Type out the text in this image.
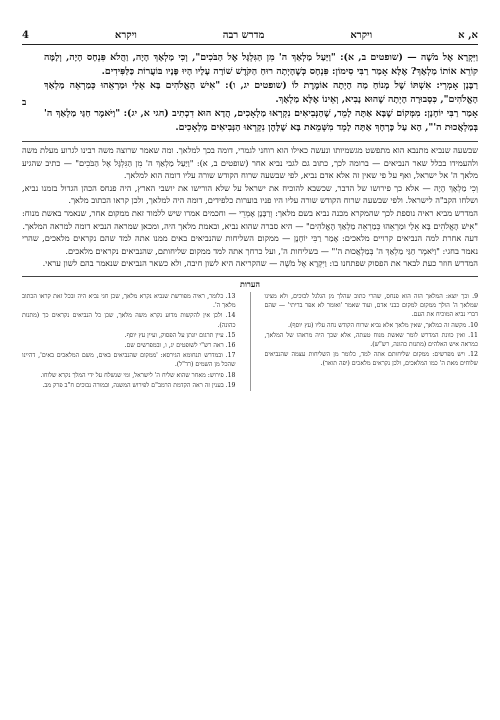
4	ויקרא	מדרש רבה	ויקרא	א, א

וַיִּקְרָא אֶל מֹשֶׁה — (שופטים ב, א): "וַיַּעַל מַלְאַךְ ה' מִן הַגִּלְגָּל אֶל הַבֹּכִים", וְכִי מַלְאָךְ הָיָה, וַהֲלֹא פִּנְחָס הָיָה, וְלָמָּה קוֹרֵא אוֹתוֹ מַלְאָךְ? אֶלָּא אָמַר רַבִּי סִימוֹן: פִּנְחָס כְּשֶׁהָיְתָה רוּחַ הַקֹּדֶשׁ שׁוֹרָה עָלָיו הָיוּ פָּנָיו בּוֹעֲרוֹת כַּלַּפִּידִים.

ב

רַבָּנָן אָמְרֵי: אִשְׁתּוֹ שֶׁל מָנוֹחַ מַה הָיְתָה אוֹמֶרֶת לוֹ (שופטים יג, ו): "אִישׁ הָאֱלֹהִים בָּא אֵלַי וּמַרְאֵהוּ כְּמַרְאֵה מַלְאַךְ הָאֱלֹהִים", כִּסְבוּרָה הָיְתָה שֶׁהוּא נָבִיא, וְאֵינוֹ אֶלָּא מַלְאָךְ.

אָמַר רַבִּי יוֹחָנָן: מִמְּקוֹם שֶׁבָּא אַתָּה לָמֵד, שֶׁהַנְּבִיאִים נִקְרְאוּ מַלְאָכִים, הֲדָא הוּא דִכְתִיב (חגי א, יג): "וַיֹּאמֶר חַגַּי מַלְאַךְ ה' בְּמַלְאֲכוּת ה'", הָא עַל כָּרְחָךְ אַתָּה לָמֵד מִשְּׁמֵאת בָּא שֶׁלָּהֶן נִקְרְאוּ הַנְּבִיאִים מַלְאָכִים.

שבשעה שנביא מתנבא הוא מתפשט מגשמיותו ונעשה כאילו הוא רוחני לגמרי, דומה בכך למלאך. ומה שאמר שרוצה משה רבינו לגרוע מעלת משה ולהעמידו בכלל שאר הנביאים — ברומה לכך, כתוב גם לגבי נביא אחר (שופטים ב, א): "וַיַּעַל מַלְאַךְ ה' מִן הַגִּלְגָּל אֶל הַבֹּכִים" — כתיב שהגיע מלאך ה' אל ישראל, ואף על פי שאין זה אלא אדם נביא, לפי שבשעה שרוח הקודש שורה עליו דומה הוא למלאך.

וְכִי מַלְאָךְ הָיָה — אלא כך פירושו של הדבר, שכשבא להוכיח את ישראל על שלא הורישו את יושבי הארץ, היה פנחס הכהן הגדול בזמנו נביא, ושלחו הקב"ה לישראל. ולפי שבשעה שרוח הקודש שורה עליו היו פניו בוערות כלפידים, דומה היה למלאך, ולכן קראו הכתוב מלאך.

המדרש מביא ראיה נוספת לכך שהמקרא מכנה נביא בשם מלאך: וְרַבָּנָן אָמְרֵי — וחכמים אמרו שיש ללמוד זאת ממקום אחר, שנאמר באשת מנוח: "אִישׁ הָאֱלֹהִים בָּא אֵלַי וּמַרְאֵהוּ כְּמַרְאֵה מַלְאַךְ הָאֱלֹהִים" — היא סברה שהוא נביא, ובאמת מלאך היה, ומכאן שמראה הנביא דומה למראה המלאך.

דעה אחרת למה הנביאים קרויים מלאכים: אָמַר רַבִּי יוֹחָנָן — ממקום השליחות שהנביאים באים ממנו אתה למד שהם נקראים מלאכים, שהרי נאמר בחגי: "וַיֹּאמֶר חַגַּי מַלְאַךְ ה' בְּמַלְאֲכוּת ה'" — בשליחות ה', ועל כרחך אתה למד ממקום שליחותם, שהנביאים נקראים מלאכים.

המדרש חוזר כעת לבאר את הפסוק שפתחנו בו: וַיִּקְרָא אֶל מֹשֶׁה — שהקריאה היא לשון חיבה, ולא כשאר הנביאים שנאמר בהם לשון עראי.

הערות

9. וכך יוצא: המלאך הזה הוא פנחס, שהרי כתוב שהלך מן הגלגל לבוכים, ולא מצינו שמלאך ה' הולך ממקום למקום כבני אדם, ועוד שאמר 'ואומר לא אפר בריתי' — שהם דברי נביא המוכיח את העם.

10. מקשה זה כמלאך, שאין מלאך אלא נביא שרוח הקודש נחה עליו (עץ יוסף).

11. ואין כוונת המדרש לומר שאשת מנוח טעתה, אלא שכך היה מראהו של המלאך, כמראה איש האלהים (מתנות כהונה, רש"ש).

12. ויש מפרשים: ממקום שליחותם אתה למד, כלומר מן השליחות עצמה שהנביאים שלוחים מאת ה' כמו המלאכים, ולכן נקראים מלאכים (יפה תואר).

13. כלומר, ראיה מפורשת שנביא נקרא מלאך, שכן חגי נביא היה ובכל זאת קראו הכתוב מלאך ה'.

14. ולכן אין להקשות מדוע נקרא משה מלאך, שכן כל הנביאים נקראים כך (מתנות כהונה).

15. עיין תרגום יונתן על הפסוק, ועיין עץ יוסף.

16. ראה רש"י לשופטים יג, ו, ובמפרשים שם.

17. ובמדרש תנחומא הגירסא: 'ממקום שהנביאים באים, משם המלאכים באים', דהיינו שהכל מן השמים (רד"ל).

18. פירוש: מאחר שהוא שליח ה' לישראל, ומי שנשלח על ידי המלך נקרא שלוחו.

19. בענין זה ראה הקדמת הרמב"ם לפירוש המשנה, ובמורה נבוכים ח"ב פרק מב.
